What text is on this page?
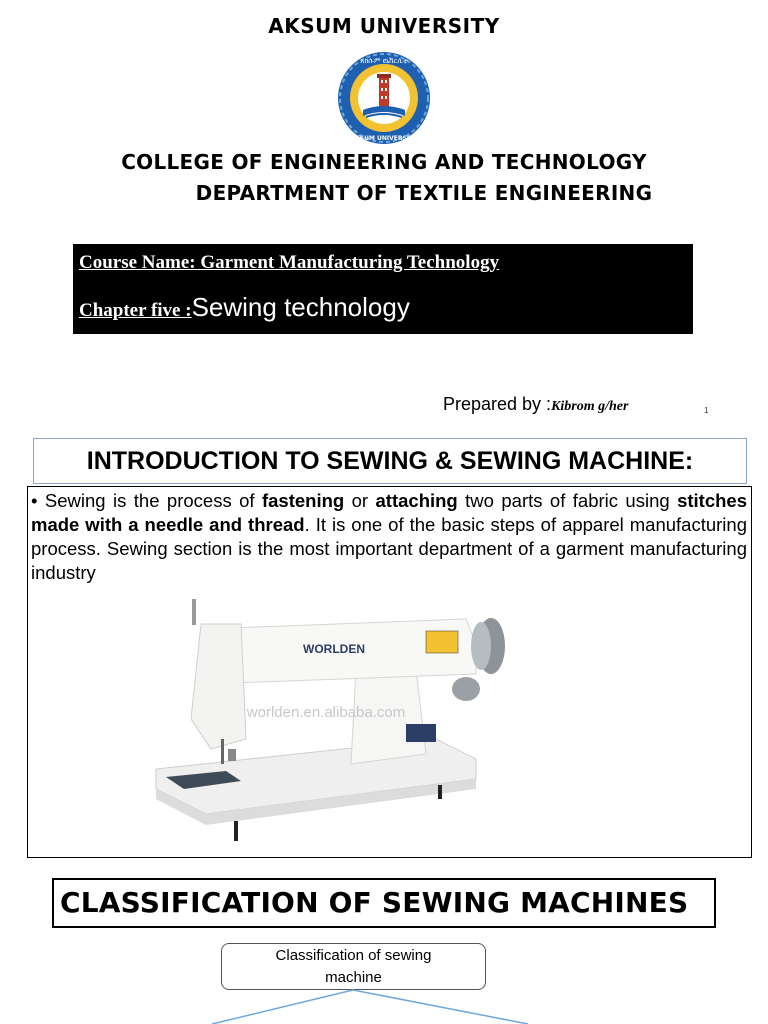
AKSUM UNIVERSITY
አክሱም ዩኒቨርሲቲ
AKSUM UNIVERSITY
COLLEGE OF ENGINEERING AND TECHNOLOGY
DEPARTMENT OF TEXTILE ENGINEERING
Course Name: Garment Manufacturing Technology
Chapter five :Sewing technology
Prepared by :Kibrom g/her	1
INTRODUCTION TO SEWING & SEWING MACHINE:
• Sewing is the process of fastening or attaching two parts of fabric using stitches made with a needle and thread. It is one of the basic steps of apparel manufacturing process. Sewing section is the most important department of a garment manufacturing industry
WORLDEN
worlden.en.alibaba.com
CLASSIFICATION OF SEWING MACHINES
Classification of sewing
machine
